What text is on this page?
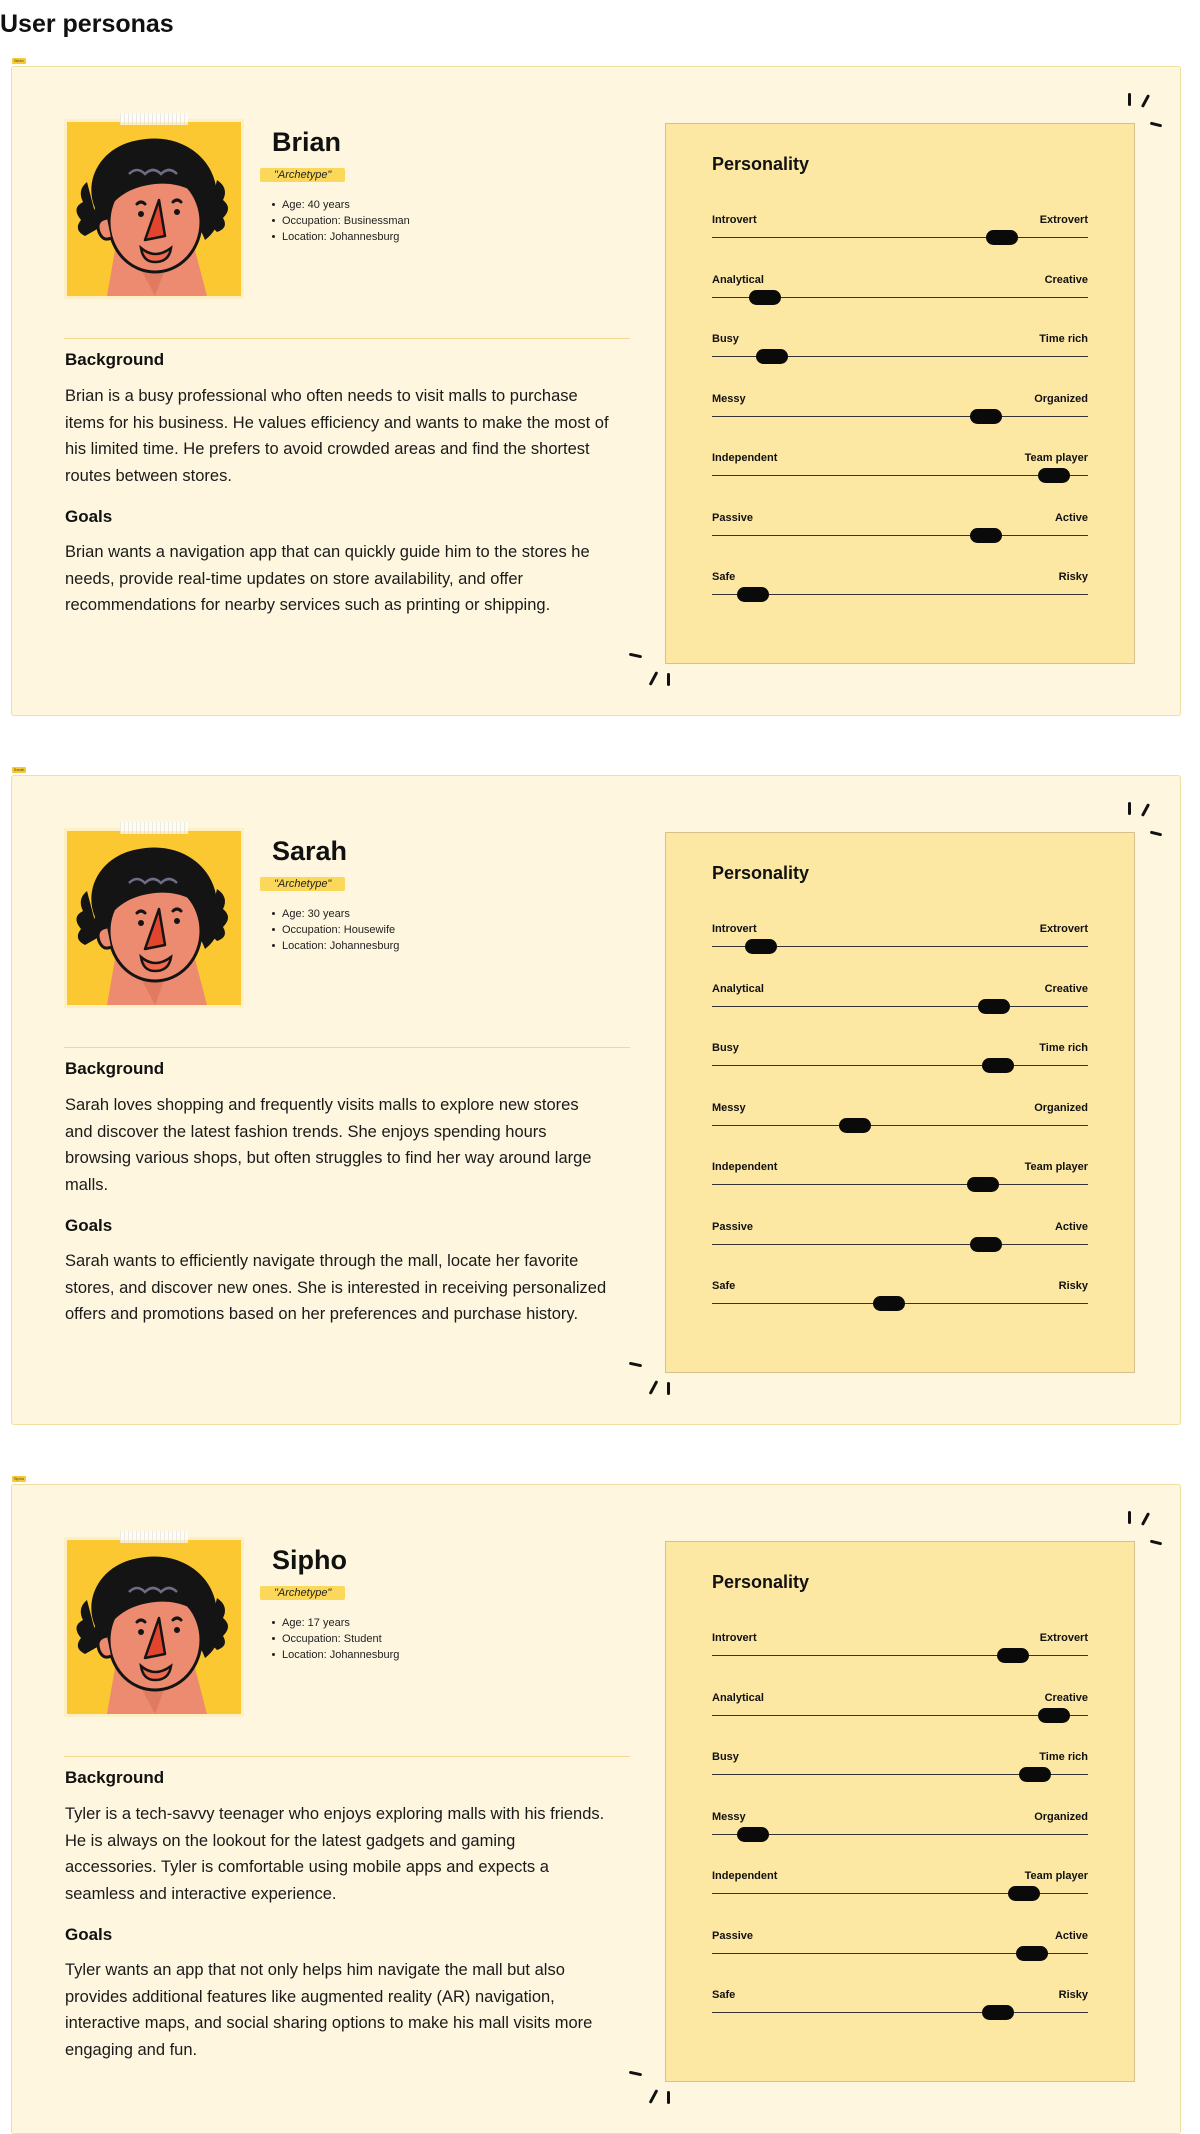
User personas
Brian
Brian
"Archetype"
Age: 40 years
Occupation: Businessman
Location: Johannesburg
Background
Brian is a busy professional who often needs to visit malls to purchase items for his business. He values efficiency and wants to make the most of his limited time. He prefers to avoid crowded areas and find the shortest routes between stores.
Goals
Brian wants a navigation app that can quickly guide him to the stores he needs, provide real-time updates on store availability, and offer recommendations for nearby services such as printing or shipping.
Personality
Introvert	Extrovert
Analytical	Creative
Busy	Time rich
Messy	Organized
Independent	Team player
Passive	Active
Safe	Risky
Sarah
Sarah
"Archetype"
Age: 30 years
Occupation: Housewife
Location: Johannesburg
Background
Sarah loves shopping and frequently visits malls to explore new stores and discover the latest fashion trends. She enjoys spending hours browsing various shops, but often struggles to find her way around large malls.
Goals
Sarah wants to efficiently navigate through the mall, locate her favorite stores, and discover new ones. She is interested in receiving personalized offers and promotions based on her preferences and purchase history.
Personality
Introvert	Extrovert
Analytical	Creative
Busy	Time rich
Messy	Organized
Independent	Team player
Passive	Active
Safe	Risky
Sipho
Sipho
"Archetype"
Age: 17 years
Occupation: Student
Location: Johannesburg
Background
Tyler is a tech-savvy teenager who enjoys exploring malls with his friends. He is always on the lookout for the latest gadgets and gaming accessories. Tyler is comfortable using mobile apps and expects a seamless and interactive experience.
Goals
Tyler wants an app that not only helps him navigate the mall but also provides additional features like augmented reality (AR) navigation, interactive maps, and social sharing options to make his mall visits more engaging and fun.
Personality
Introvert	Extrovert
Analytical	Creative
Busy	Time rich
Messy	Organized
Independent	Team player
Passive	Active
Safe	Risky
